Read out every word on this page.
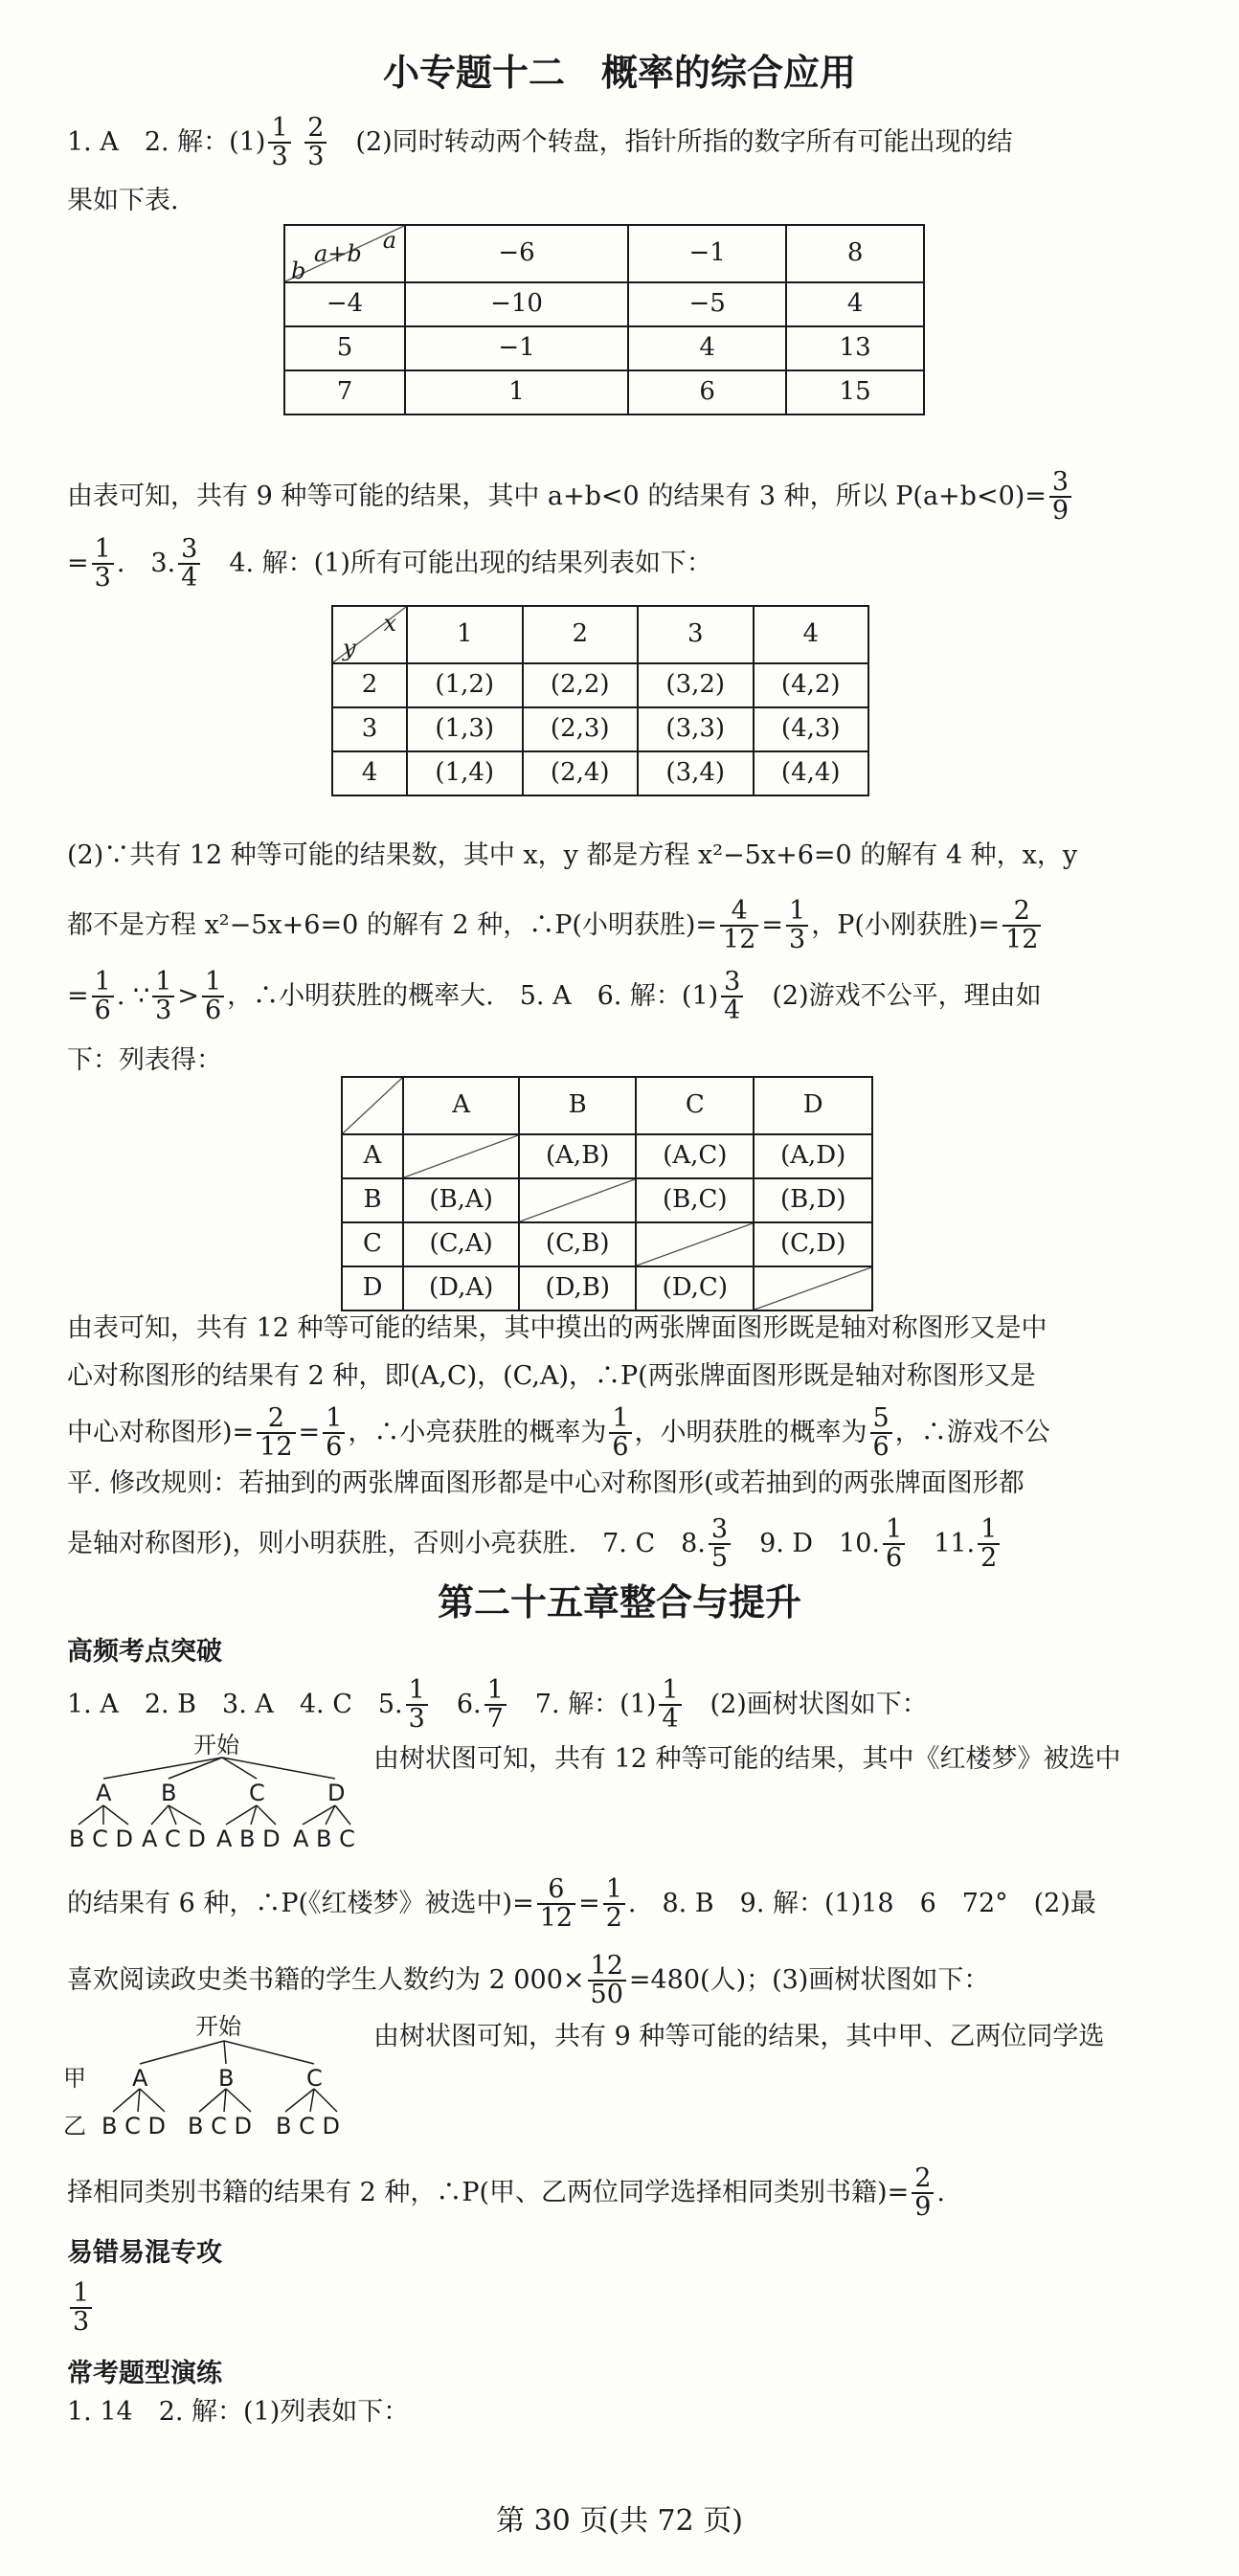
小专题十二　概率的综合应用
1. A　2. 解：$(1) \frac{1}{3}$
$\frac{2}{3}$ 　(2)同时转动两个转盘，指针所指的数字所有可能出现的结
果如下表.
a
a+b
b	−6	−1	8
−4	−10	−5	4
5	−1	4	13
7	1	6	15
由表可知，共有 9 种等可能的结果，其中 a+b<0 的结果有 3 种，所以 $P(a+b<0)= \frac{3}{9}$
= $\frac{1}{3}$ .　3. $\frac{3}{4}$ 　4. 解：(1)所有可能出现的结果列表如下：
x
y	1	2	3	4
2	(1,2)	(2,2)	(3,2)	(4,2)
3	(1,3)	(2,3)	(3,3)	(4,3)
4	(1,4)	(2,4)	(3,4)	(4,4)
(2)∵共有 12 种等可能的结果数，其中 x，y 都是方程 x²−5x+6=0 的解有 4 种，x，y
都不是方程 x²−5x+6=0 的解有 2 种，∴P(小明获胜)= $\frac{4}{12} = \frac{1}{3}$ ，P(小刚获胜)= $\frac{2}{12}$
= $\frac{1}{6}$ . ∵ $\frac{1}{3} > \frac{1}{6}$ ，∴小明获胜的概率大.　5. A　6. 解：$(1) \frac{3}{4}$ 　(2)游戏不公平，理由如
下：列表得：
	A	B	C	D
A		(A,B)	(A,C)	(A,D)
B	(B,A)		(B,C)	(B,D)
C	(C,A)	(C,B)		(C,D)
D	(D,A)	(D,B)	(D,C)	
由表可知，共有 12 种等可能的结果，其中摸出的两张牌面图形既是轴对称图形又是中
心对称图形的结果有 2 种，即(A,C)，(C,A)，∴P(两张牌面图形既是轴对称图形又是
中心对称图形)= $\frac{2}{12} = \frac{1}{6}$ ，∴小亮获胜的概率为 $\frac{1}{6}$ ，小明获胜的概率为 $\frac{5}{6}$ ，∴游戏不公
平. 修改规则：若抽到的两张牌面图形都是中心对称图形(或若抽到的两张牌面图形都
是轴对称图形)，则小明获胜，否则小亮获胜.　7. C　8. $\frac{3}{5}$ 　9. D　10. $\frac{1}{6}$ 　11. $\frac{1}{2}$
第二十五章整合与提升
高频考点突破
1. A　2. B　3. A　4. C　5. $\frac{1}{3}$ 　6. $\frac{1}{7}$ 　7. 解：$(1) \frac{1}{4}$ 　(2)画树状图如下：
开始
A B	C	D
B C D A C D A B D A B C
由树状图可知，共有 12 种等可能的结果，其中《红楼梦》被选中
的结果有 6 种，∴P(《红楼梦》被选中)= $\frac{6}{12} = \frac{1}{2}$ .　8. B　9. 解：(1)18　6　72°　(2)最
喜欢阅读政史类书籍的学生人数约为 2 $000\times \frac{12}{50} =480$(人)；(3)画树状图如下：
开始
甲 A	B	C
乙 B C D B C D B C D
由树状图可知，共有 9 种等可能的结果，其中甲、乙两位同学选
择相同类别书籍的结果有 2 种，∴P(甲、乙两位同学选择相同类别书籍)= $\frac{2}{9}$ .
易错易混专攻
$\frac{1}{3}$
常考题型演练
1. 14　2. 解：(1)列表如下：
第 30 页(共 72 页)
